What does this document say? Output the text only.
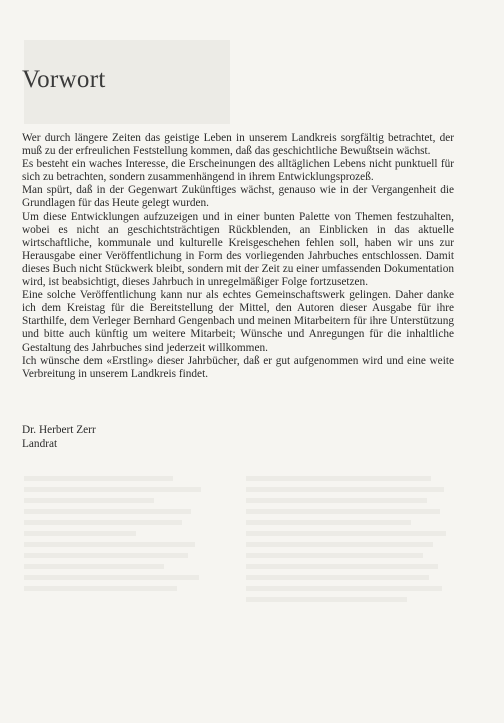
Vorwort

Wer durch längere Zeiten das geistige Leben in unserem Landkreis sorgfältig betrachtet, der muß zu der erfreulichen Feststellung kommen, daß das geschichtliche Bewußtsein wächst.

Es besteht ein waches Interesse, die Erscheinungen des alltäglichen Lebens nicht punktuell für sich zu betrachten, sondern zusammenhängend in ihrem Entwicklungsprozeß.

Man spürt, daß in der Gegenwart Zukünftiges wächst, genauso wie in der Vergangenheit die Grundlagen für das Heute gelegt wurden.

Um diese Entwicklungen aufzuzeigen und in einer bunten Palette von Themen festzuhalten, wobei es nicht an geschichtsträchtigen Rückblenden, an Einblicken in das aktuelle wirtschaftliche, kommunale und kulturelle Kreisgeschehen fehlen soll, haben wir uns zur Herausgabe einer Veröffentlichung in Form des vorliegenden Jahrbuches entschlossen. Damit dieses Buch nicht Stückwerk bleibt, sondern mit der Zeit zu einer umfassenden Dokumentation wird, ist beabsichtigt, dieses Jahrbuch in unregelmäßiger Folge fortzusetzen.

Eine solche Veröffentlichung kann nur als echtes Gemeinschaftswerk gelingen. Daher danke ich dem Kreistag für die Bereitstellung der Mittel, den Autoren dieser Ausgabe für ihre Starthilfe, dem Verleger Bernhard Gengenbach und meinen Mitarbeitern für ihre Unterstützung und bitte auch künftig um weitere Mitarbeit; Wünsche und Anregungen für die inhaltliche Gestaltung des Jahrbuches sind jederzeit willkommen.

Ich wünsche dem «Erstling» dieser Jahrbücher, daß er gut aufgenommen wird und eine weite Verbreitung in unserem Landkreis findet.

Dr. Herbert Zerr
Landrat
